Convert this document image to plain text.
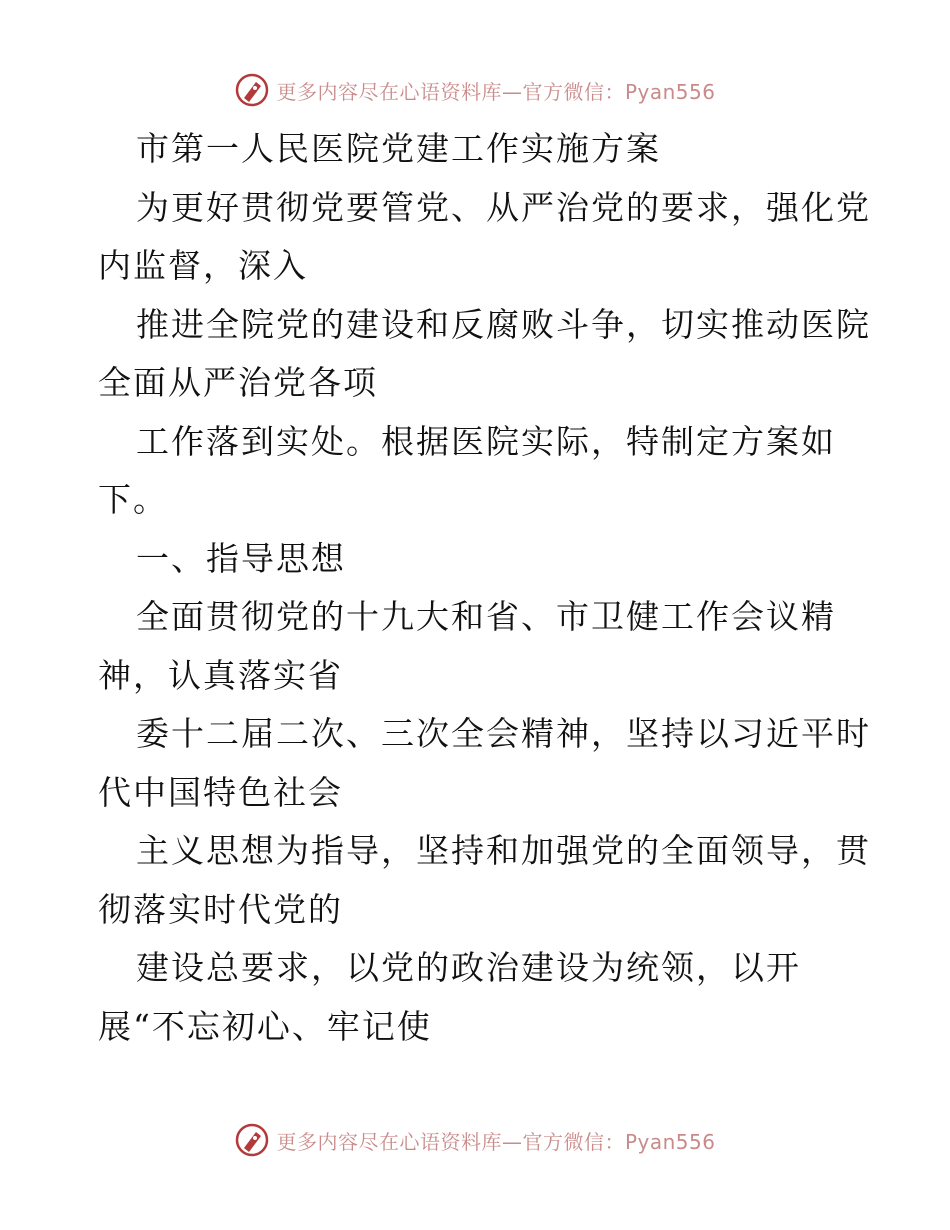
更多内容尽在心语资料库—官方微信：Pyan556
市第一人民医院党建工作实施方案
为更好贯彻党要管党、从严治党的要求，强化党
内监督，深入
推进全院党的建设和反腐败斗争，切实推动医院
全面从严治党各项
工作落到实处。根据医院实际，特制定方案如
下。
一、指导思想
全面贯彻党的十九大和省、市卫健工作会议精
神，认真落实省
委十二届二次、三次全会精神，坚持以习近平时
代中国特色社会
主义思想为指导，坚持和加强党的全面领导，贯
彻落实时代党的
建设总要求，以党的政治建设为统领，以开
展“不忘初心、牢记使
更多内容尽在心语资料库—官方微信：Pyan556
